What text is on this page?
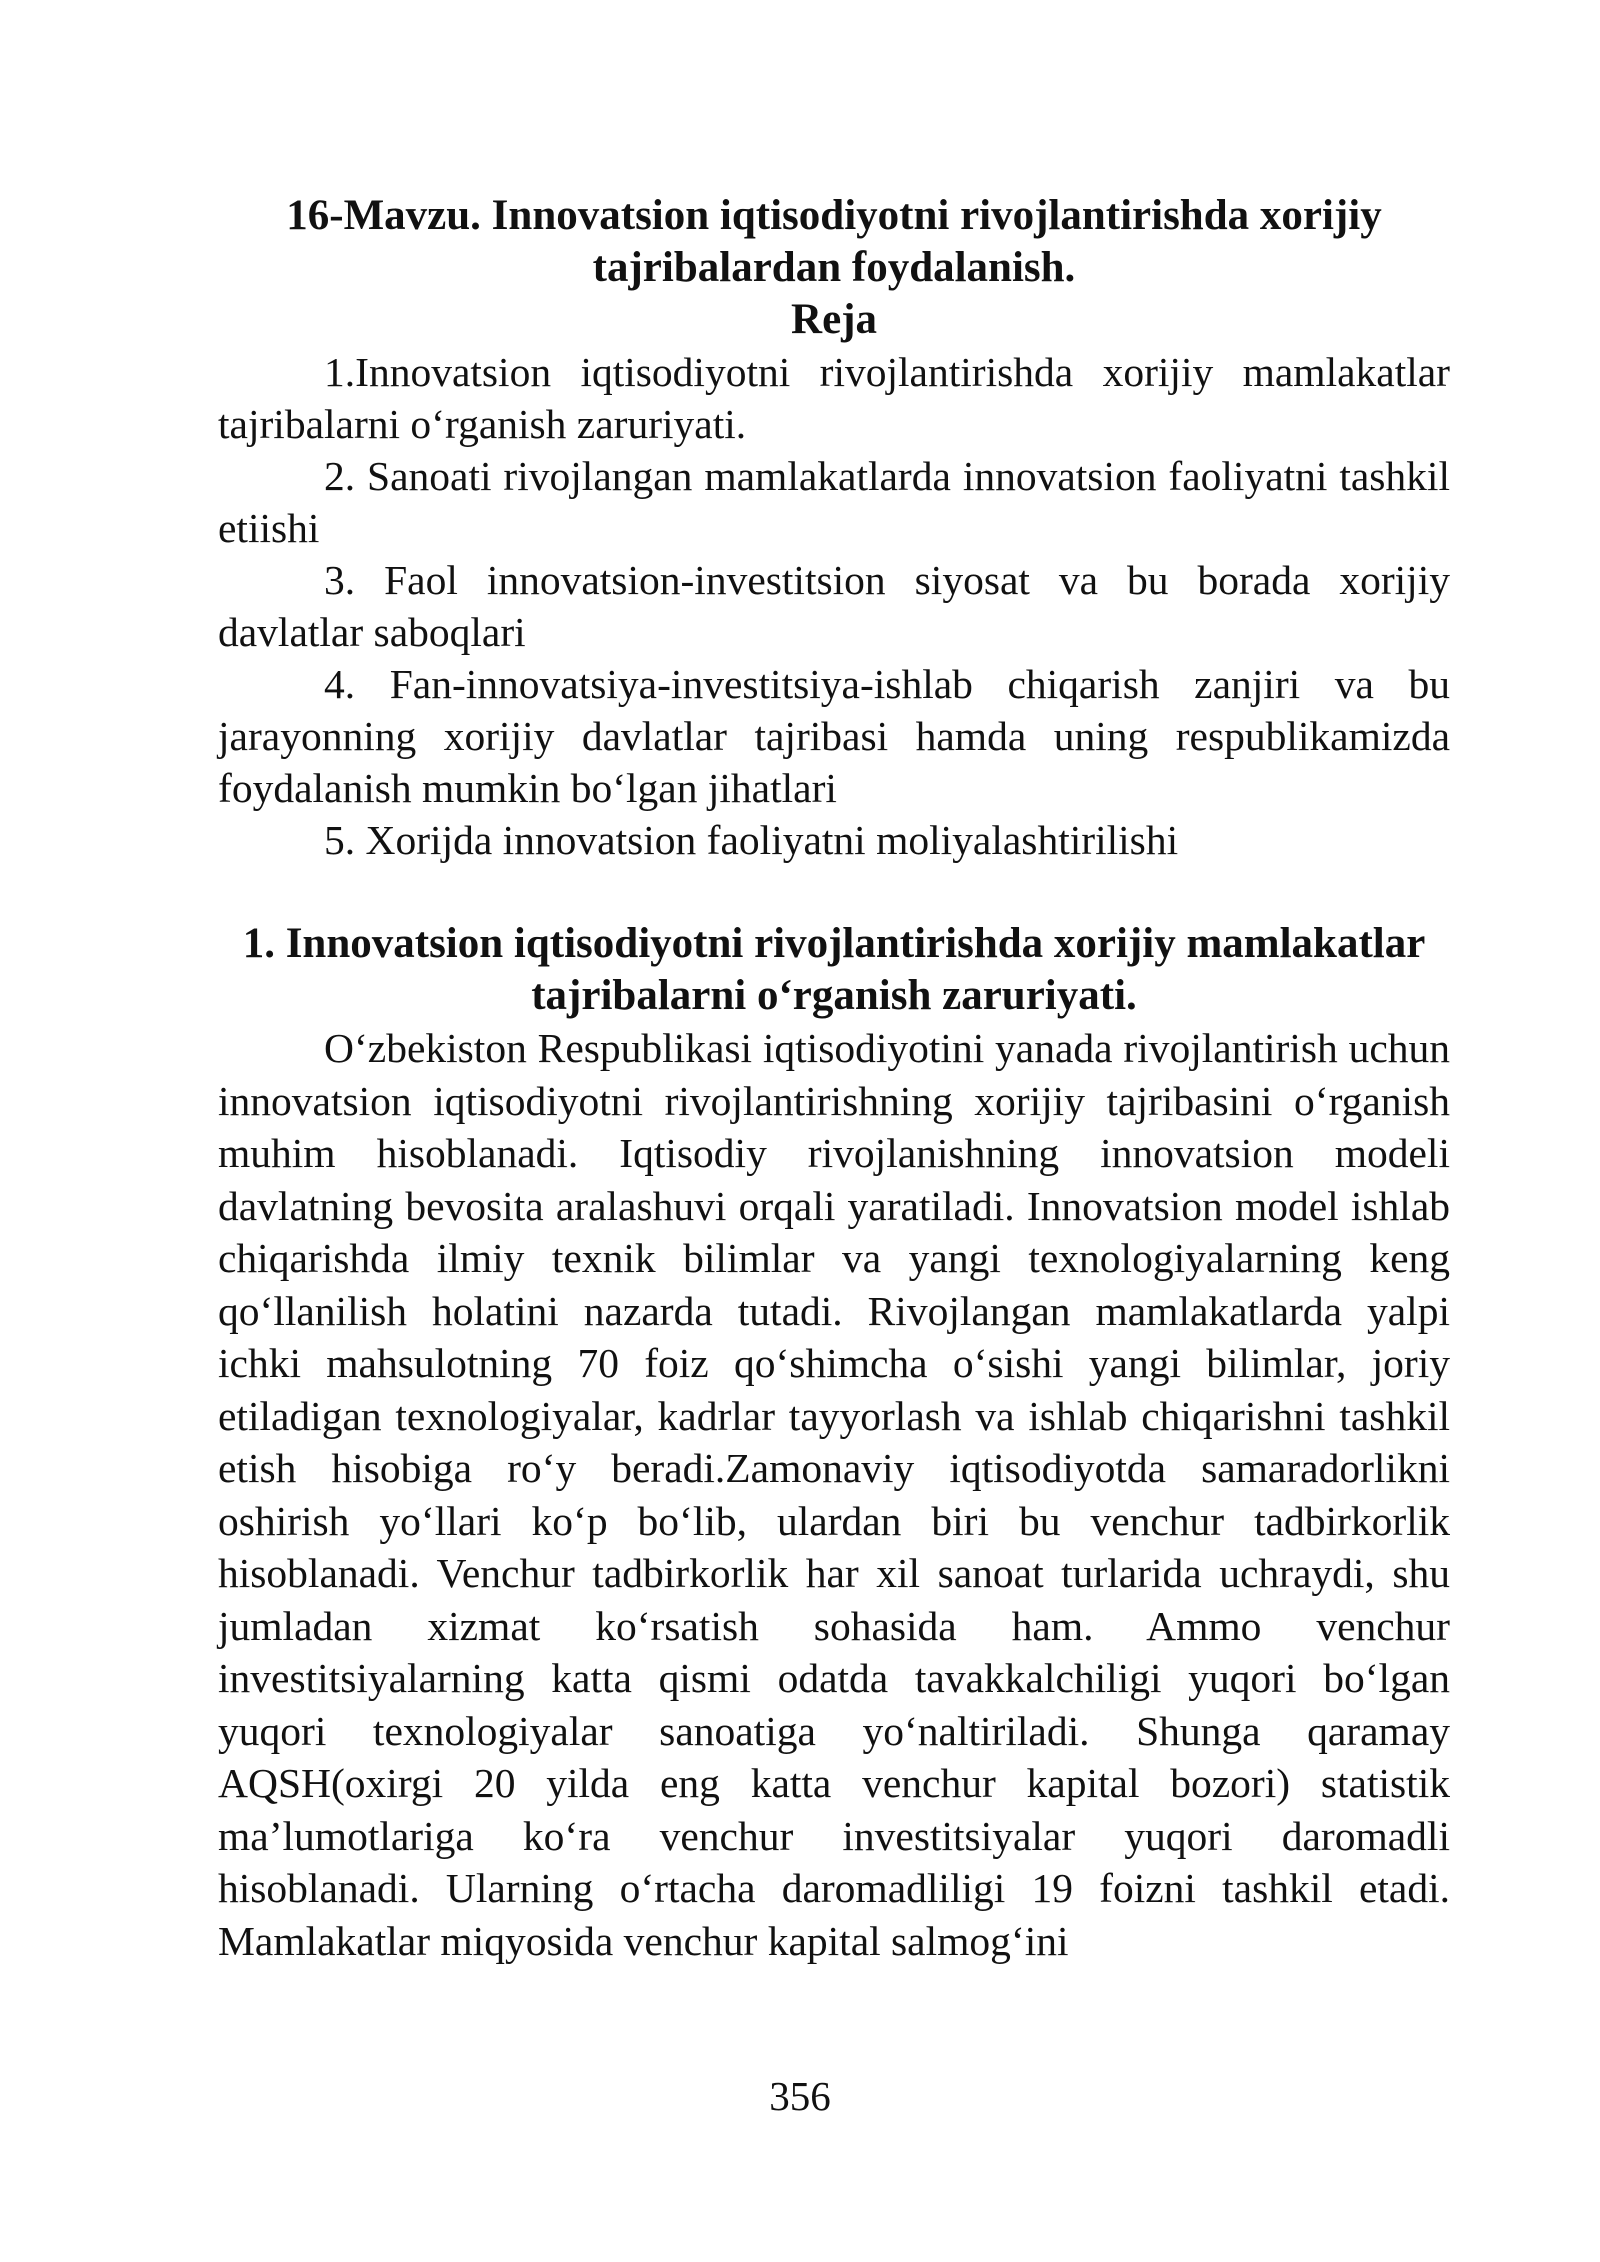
16-Mavzu. Innovatsion iqtisodiyotni rivojlantirishda xorijiy tajribalardan foydalanish.
Reja

1.Innovatsion iqtisodiyotni rivojlantirishda xorijiy mamlakatlar tajribalarni o‘rganish zaruriyati.

2. Sanoati rivojlangan mamlakatlarda innovatsion faoliyatni tashkil etiishi

3. Faol innovatsion-investitsion siyosat va bu borada xorijiy davlatlar saboqlari

4. Fan-innovatsiya-investitsiya-ishlab chiqarish zanjiri va bu jarayonning xorijiy davlatlar tajribasi hamda uning respublikamizda foydalanish mumkin bo‘lgan jihatlari

5. Xorijda innovatsion faoliyatni moliyalashtirilishi

1. Innovatsion iqtisodiyotni rivojlantirishda xorijiy mamlakatlar tajribalarni o‘rganish zaruriyati.

O‘zbekiston Respublikasi iqtisodiyotini yanada rivojlantirish uchun innovatsion iqtisodiyotni rivojlantirishning xorijiy tajribasini o‘rganish muhim hisoblanadi. Iqtisodiy rivojlanishning innovatsion modeli davlatning bevosita aralashuvi orqali yaratiladi. Innovatsion model ishlab chiqarishda ilmiy texnik bilimlar va yangi texnologiyalarning keng qo‘llanilish holatini nazarda tutadi. Rivojlangan mamlakatlarda yalpi ichki mahsulotning 70 foiz qo‘shimcha o‘sishi yangi bilimlar, joriy etiladigan texnologiyalar, kadrlar tayyorlash va ishlab chiqarishni tashkil etish hisobiga ro‘y beradi.Zamonaviy iqtisodiyotda samaradorlikni oshirish yo‘llari ko‘p bo‘lib, ulardan biri bu venchur tadbirkorlik hisoblanadi. Venchur tadbirkorlik har xil sanoat turlarida uchraydi, shu jumladan xizmat ko‘rsatish sohasida ham. Ammo venchur investitsiyalarning katta qismi odatda tavakkalchiligi yuqori bo‘lgan yuqori texnologiyalar sanoatiga yo‘naltiriladi. Shunga qaramay AQSH(oxirgi 20 yilda eng katta venchur kapital bozori) statistik ma’lumotlariga ko‘ra venchur investitsiyalar yuqori daromadli hisoblanadi. Ularning o‘rtacha daromadliligi 19 foizni tashkil etadi. Mamlakatlar miqyosida venchur kapital salmog‘ini

356
